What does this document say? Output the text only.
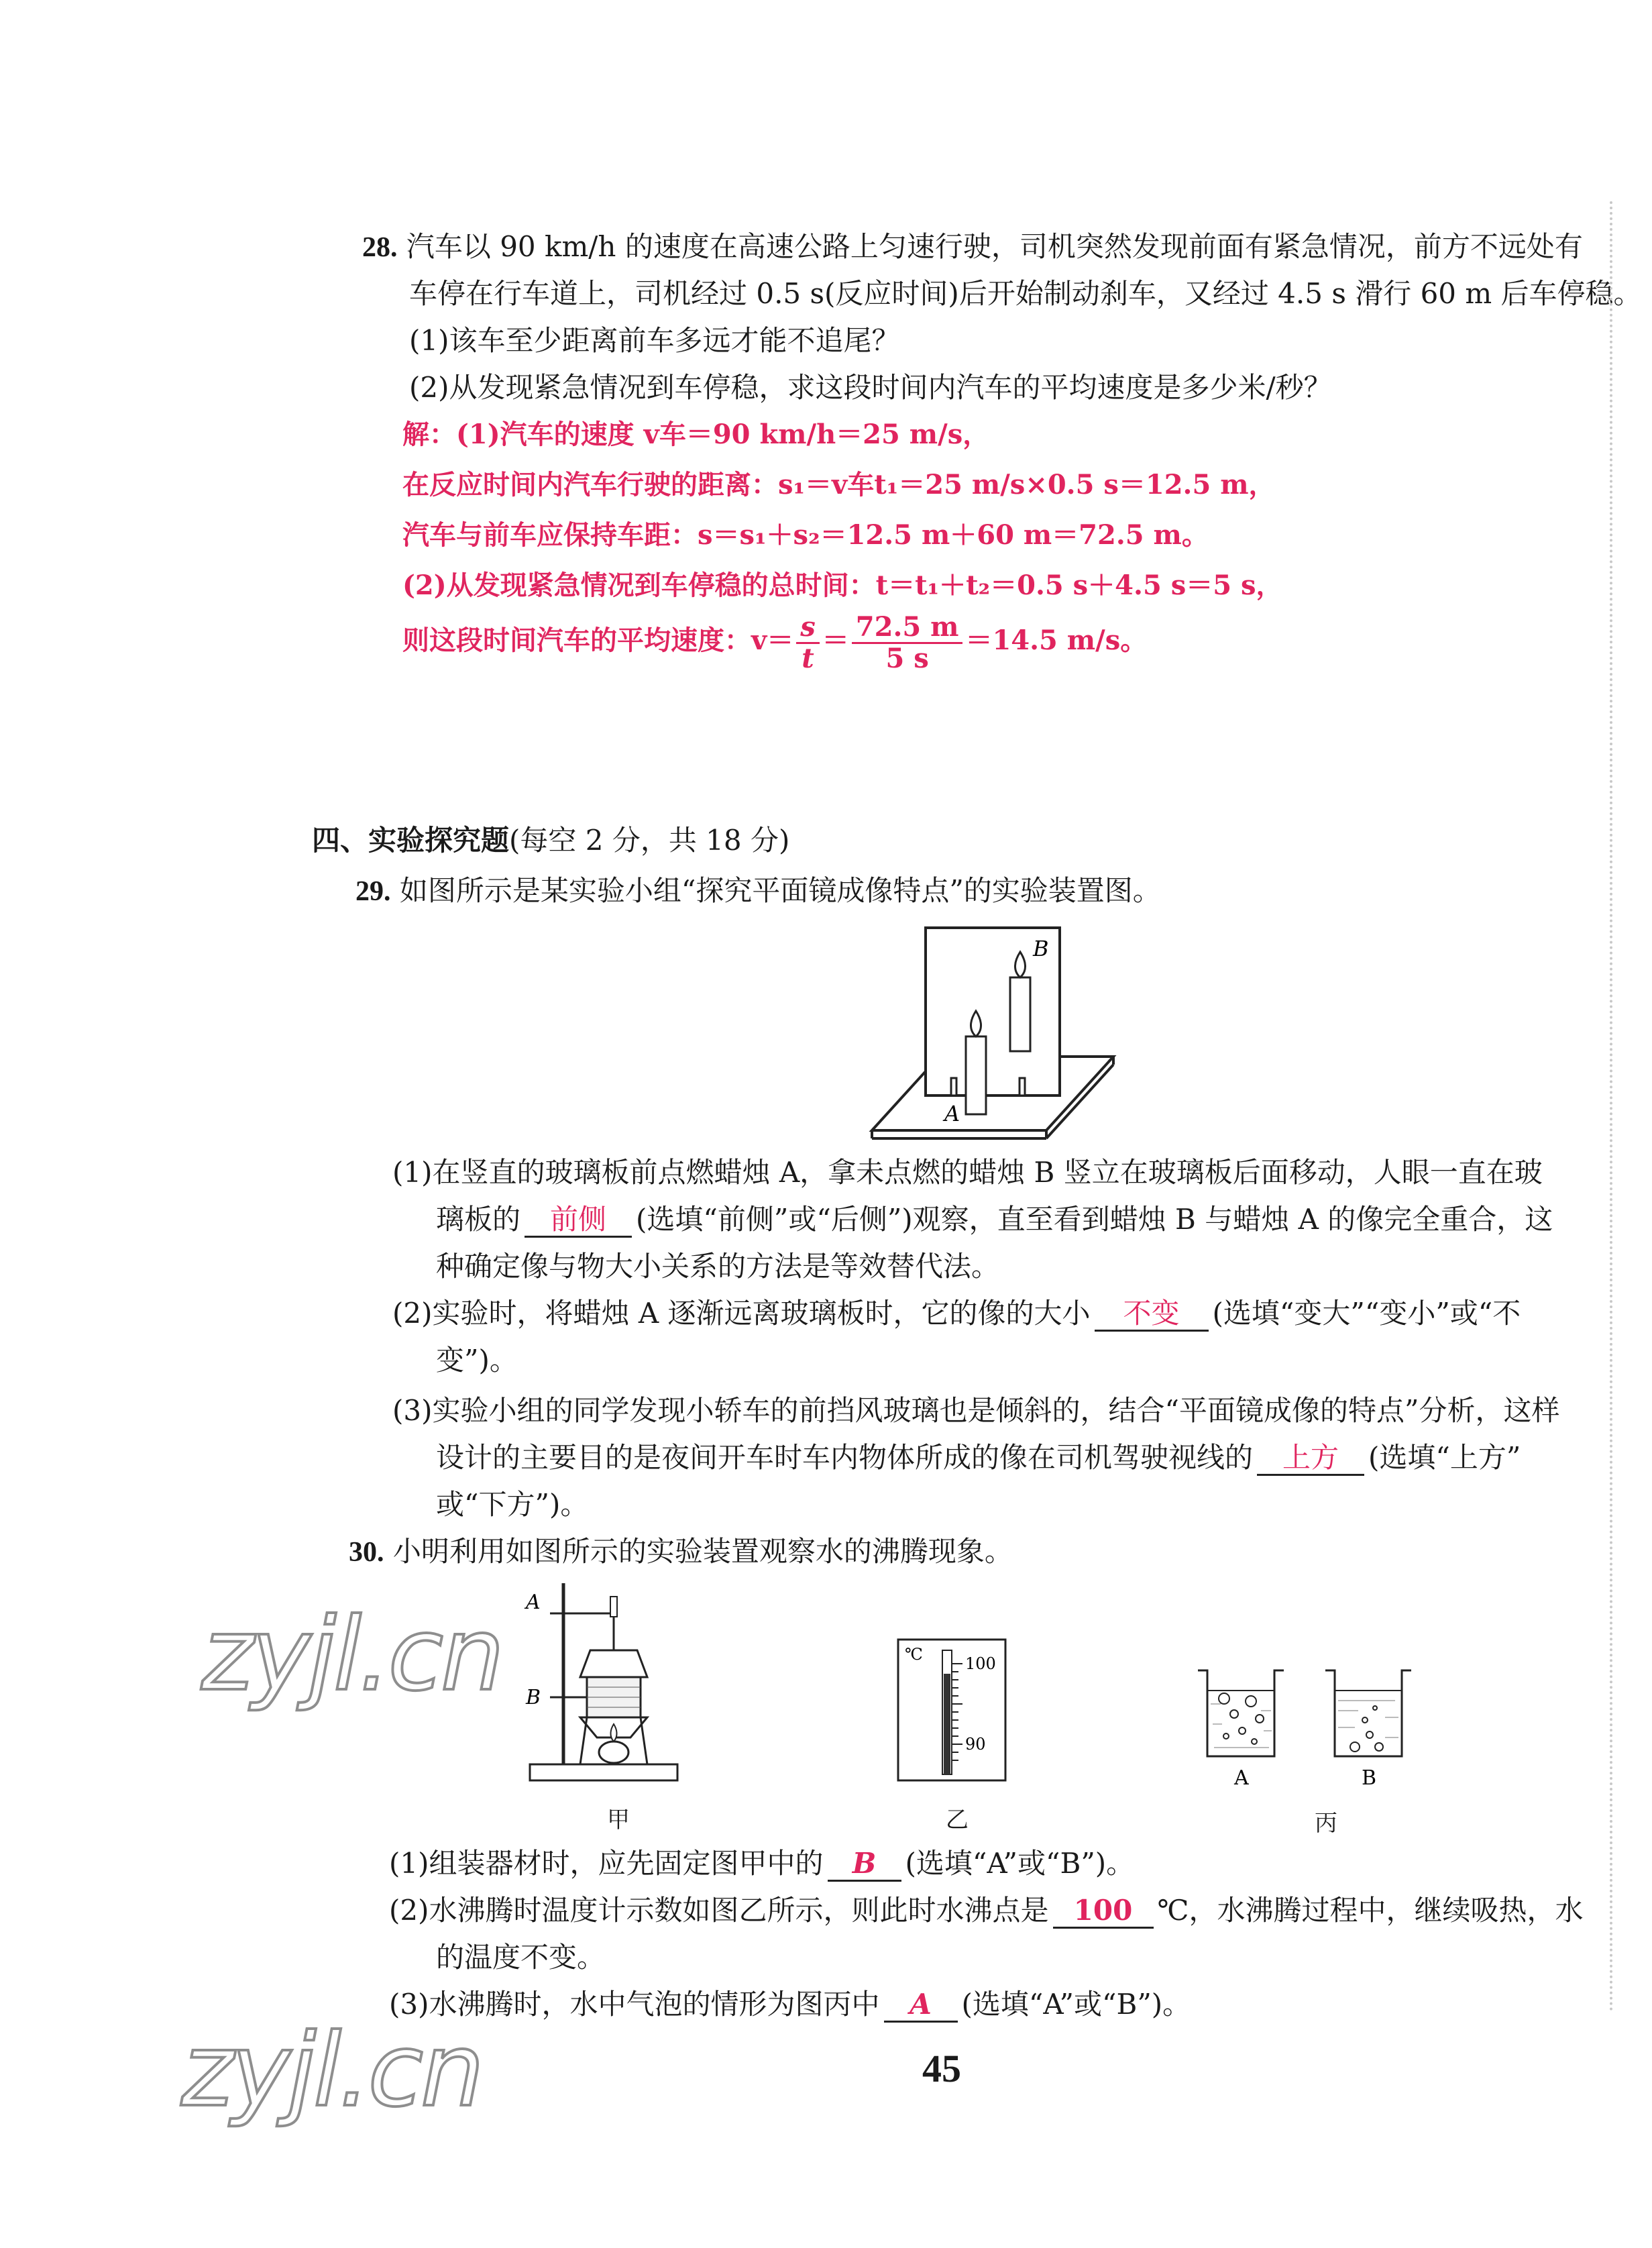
28. 汽车以 90 km/h 的速度在高速公路上匀速行驶，司机突然发现前面有紧急情况，前方不远处有
车停在行车道上，司机经过 0.5 s(反应时间)后开始制动刹车，又经过 4.5 s 滑行 60 m 后车停稳。
(1)该车至少距离前车多远才能不追尾？
(2)从发现紧急情况到车停稳，求这段时间内汽车的平均速度是多少米/秒？
解：(1)汽车的速度 v车＝90 km/h＝25 m/s，
在反应时间内汽车行驶的距离：s₁＝v车t₁＝25 m/s×0.5 s＝12.5 m，
汽车与前车应保持车距：s＝s₁＋s₂＝12.5 m＋60 m＝72.5 m。
(2)从发现紧急情况到车停稳的总时间：t＝t₁＋t₂＝0.5 s＋4.5 s＝5 s，
则这段时间汽车的平均速度：$v= \frac{s}{t} = \frac{72.5 m}{5 s} =14.5$ m/s。
四、实验探究题(每空 2 分，共 18 分)
29. 如图所示是某实验小组“探究平面镜成像特点”的实验装置图。
B
A
(1)在竖直的玻璃板前点燃蜡烛 A，拿未点燃的蜡烛 B 竖立在玻璃板后面移动，人眼一直在玻
璃板的 前侧 (选填“前侧”或“后侧”)观察，直至看到蜡烛 B 与蜡烛 A 的像完全重合，这
种确定像与物大小关系的方法是等效替代法。
(2)实验时，将蜡烛 A 逐渐远离玻璃板时，它的像的大小 不变 (选填“变大”“变小”或“不
变”)。
(3)实验小组的同学发现小轿车的前挡风玻璃也是倾斜的，结合“平面镜成像的特点”分析，这样
设计的主要目的是夜间开车时车内物体所成的像在司机驾驶视线的 上方 (选填“上方”
或“下方”)。
30. 小明利用如图所示的实验装置观察水的沸腾现象。
A
B
甲
℃	100
90
乙
A	B
丙
(1)组装器材时，应先固定图甲中的 B (选填“A”或“B”)。
(2)水沸腾时温度计示数如图乙所示，则此时水沸点是 100 ℃，水沸腾过程中，继续吸热，水
的温度不变。
(3)水沸腾时，水中气泡的情形为图丙中 A (选填“A”或“B”)。
45
zyjl.cn
zyjl.cn
